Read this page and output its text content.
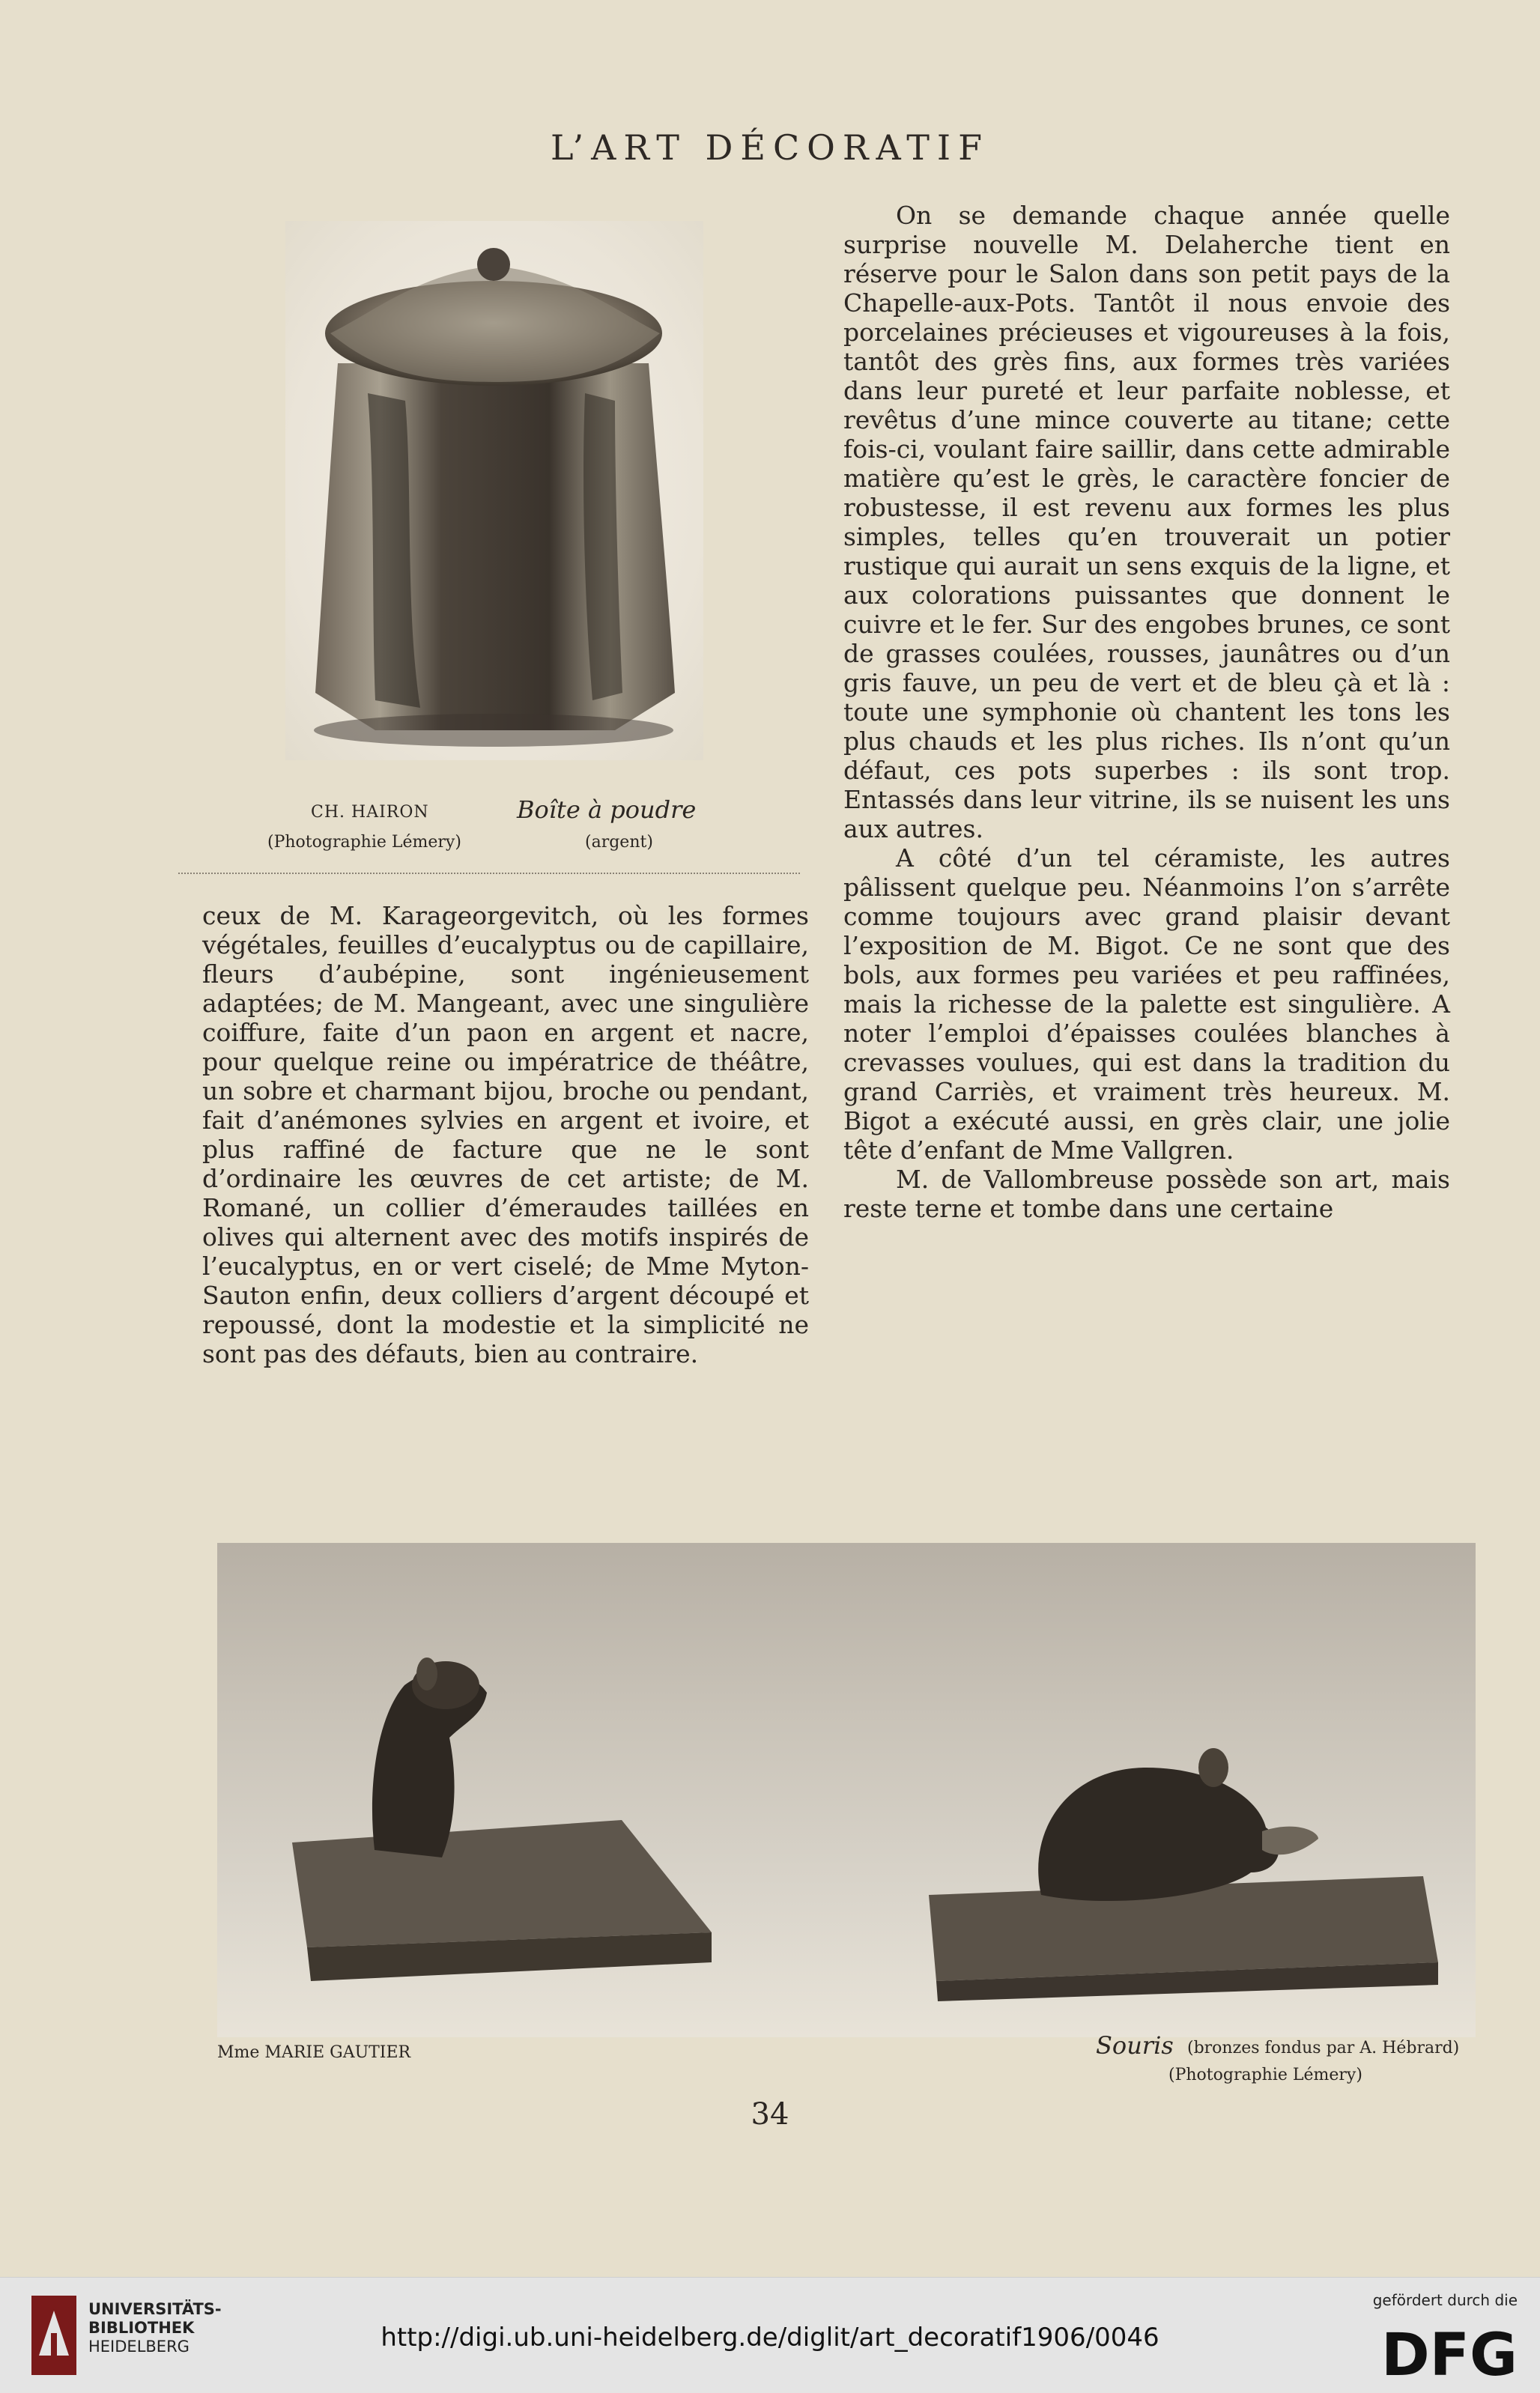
L’ART DÉCORATIF
CH. HAIRON
(Photographie Lémery)
Boîte à poudre
(argent)

On se demande chaque année quelle surprise nouvelle M. Delaherche tient en réserve pour le Salon dans son petit pays de la Chapelle-aux-Pots. Tantôt il nous envoie des porcelaines précieuses et vigoureuses à la fois, tantôt des grès fins, aux formes très variées dans leur pureté et leur parfaite noblesse, et revêtus d’une mince couverte au titane; cette fois-ci, voulant faire saillir, dans cette admirable matière qu’est le grès, le caractère foncier de robustesse, il est revenu aux formes les plus simples, telles qu’en trouverait un potier rustique qui aurait un sens exquis de la ligne, et aux colorations puissantes que donnent le cuivre et le fer. Sur des engobes brunes, ce sont de grasses coulées, rousses, jaunâtres ou d’un gris fauve, un peu de vert et de bleu çà et là : toute une symphonie où chantent les tons les plus chauds et les plus riches. Ils n’ont qu’un défaut, ces pots superbes : ils sont trop. Entassés dans leur vitrine, ils se nuisent les uns aux autres.

A côté d’un tel céramiste, les autres pâlissent quelque peu. Néanmoins l’on s’arrête comme toujours avec grand plaisir devant l’exposition de M. Bigot. Ce ne sont que des bols, aux formes peu variées et peu raffinées, mais la richesse de la palette est singulière. A noter l’emploi d’épaisses coulées blanches à crevasses voulues, qui est dans la tradition du grand Carriès, et vraiment très heureux. M. Bigot a exécuté aussi, en grès clair, une jolie tête d’enfant de Mme Vallgren.

M. de Vallombreuse possède son art, mais reste terne et tombe dans une certaine

ceux de M. Karageorgevitch, où les formes végétales, feuilles d’eucalyptus ou de capillaire, fleurs d’aubépine, sont ingénieusement adaptées; de M. Mangeant, avec une singulière coiffure, faite d’un paon en argent et nacre, pour quelque reine ou impératrice de théâtre, un sobre et charmant bijou, broche ou pendant, fait d’anémones sylvies en argent et ivoire, et plus raffiné de facture que ne le sont d’ordinaire les œuvres de cet artiste; de M. Romané, un collier d’émeraudes taillées en olives qui alternent avec des motifs inspirés de l’eucalyptus, en or vert ciselé; de Mme Myton-Sauton enfin, deux colliers d’argent découpé et repoussé, dont la modestie et la simplicité ne sont pas des défauts, bien au contraire.

Mme MARIE GAUTIER	Souris (bronzes fondus par A. Hébrard)
(Photographie Lémery)
34
UNIVERSITÄTS-
BIBLIOTHEK
HEIDELBERG	http://digi.ub.uni-heidelberg.de/diglit/art_decoratif1906/0046
gefördert durch die
DFG
